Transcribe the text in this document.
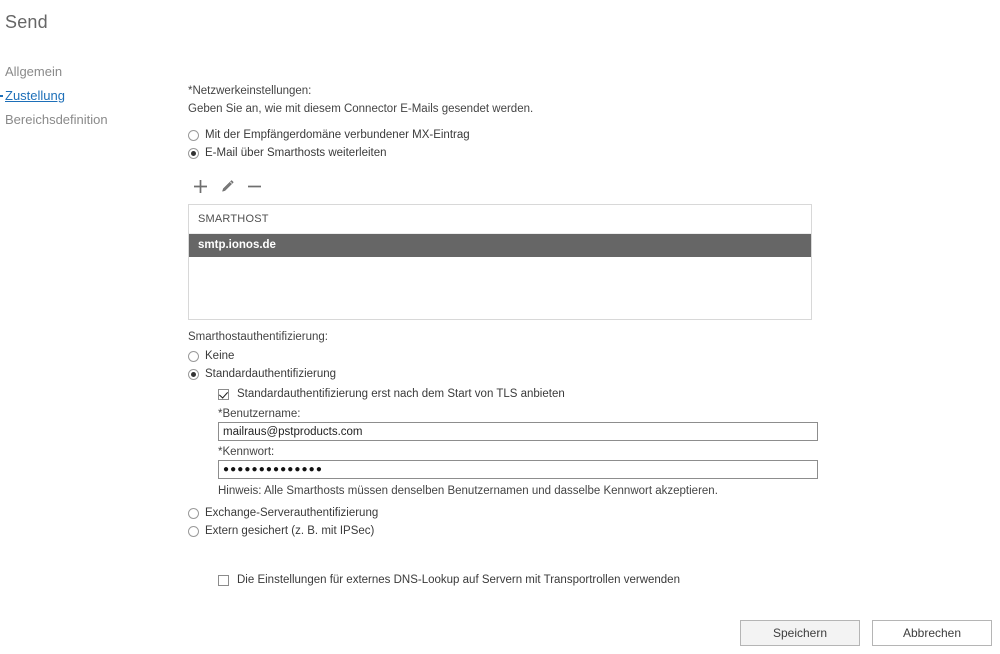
Send
Allgemein
Zustellung
Bereichsdefinition
*Netzwerkeinstellungen:
Geben Sie an, wie mit diesem Connector E-Mails gesendet werden.
Mit der Empfängerdomäne verbundener MX-Eintrag
E-Mail über Smarthosts weiterleiten
SMARTHOST
smtp.ionos.de
Smarthostauthentifizierung:
Keine
Standardauthentifizierung
Standardauthentifizierung erst nach dem Start von TLS anbieten
*Benutzername:
mailraus@pstproducts.com
*Kennwort:
●●●●●●●●●●●●●●
Hinweis: Alle Smarthosts müssen denselben Benutzernamen und dasselbe Kennwort akzeptieren.
Exchange-Serverauthentifizierung
Extern gesichert (z. B. mit IPSec)
Die Einstellungen für externes DNS-Lookup auf Servern mit Transportrollen verwenden
Speichern	Abbrechen
